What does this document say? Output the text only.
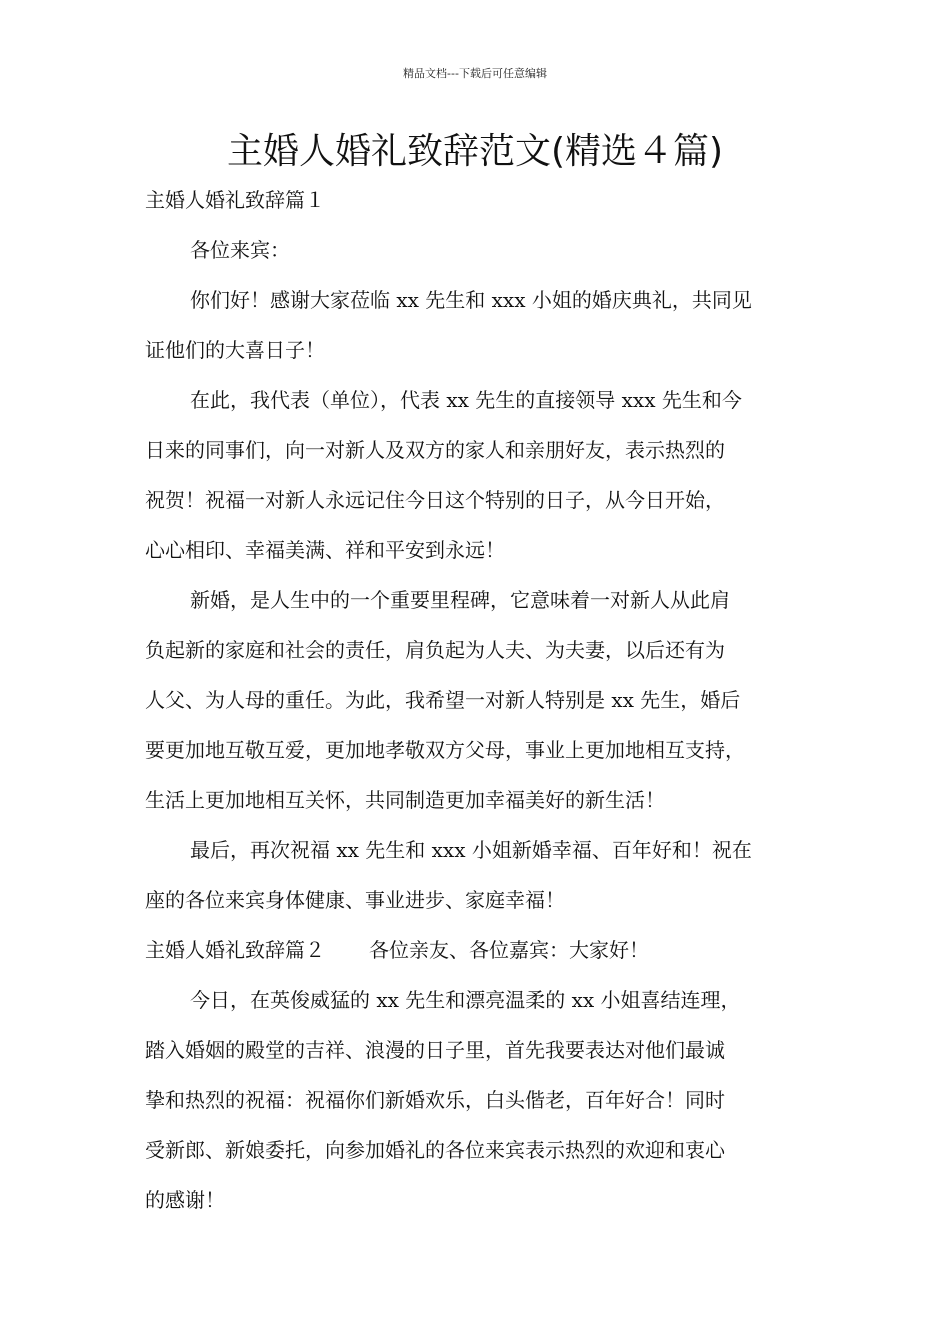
精品文档---下载后可任意编辑
主婚人婚礼致辞范文(精选４篇)

主婚人婚礼致辞篇１

各位来宾：

你们好！感谢大家莅临 xx 先生和 xxx 小姐的婚庆典礼，共同见

证他们的大喜日子！

在此，我代表（单位），代表 xx 先生的直接领导 xxx 先生和今

日来的同事们，向一对新人及双方的家人和亲朋好友，表示热烈的

祝贺！祝福一对新人永远记住今日这个特别的日子，从今日开始，

心心相印、幸福美满、祥和平安到永远！

新婚，是人生中的一个重要里程碑，它意味着一对新人从此肩

负起新的家庭和社会的责任，肩负起为人夫、为夫妻，以后还有为

人父、为人母的重任。为此，我希望一对新人特别是 xx 先生，婚后

要更加地互敬互爱，更加地孝敬双方父母，事业上更加地相互支持，

生活上更加地相互关怀，共同制造更加幸福美好的新生活！

最后，再次祝福 xx 先生和 xxx 小姐新婚幸福、百年好和！祝在

座的各位来宾身体健康、事业进步、家庭幸福！

主婚人婚礼致辞篇２ 各位亲友、各位嘉宾：大家好！

今日，在英俊威猛的 xx 先生和漂亮温柔的 xx 小姐喜结连理，

踏入婚姻的殿堂的吉祥、浪漫的日子里，首先我要表达对他们最诚

挚和热烈的祝福：祝福你们新婚欢乐，白头偕老，百年好合！同时

受新郎、新娘委托，向参加婚礼的各位来宾表示热烈的欢迎和衷心

的感谢！
